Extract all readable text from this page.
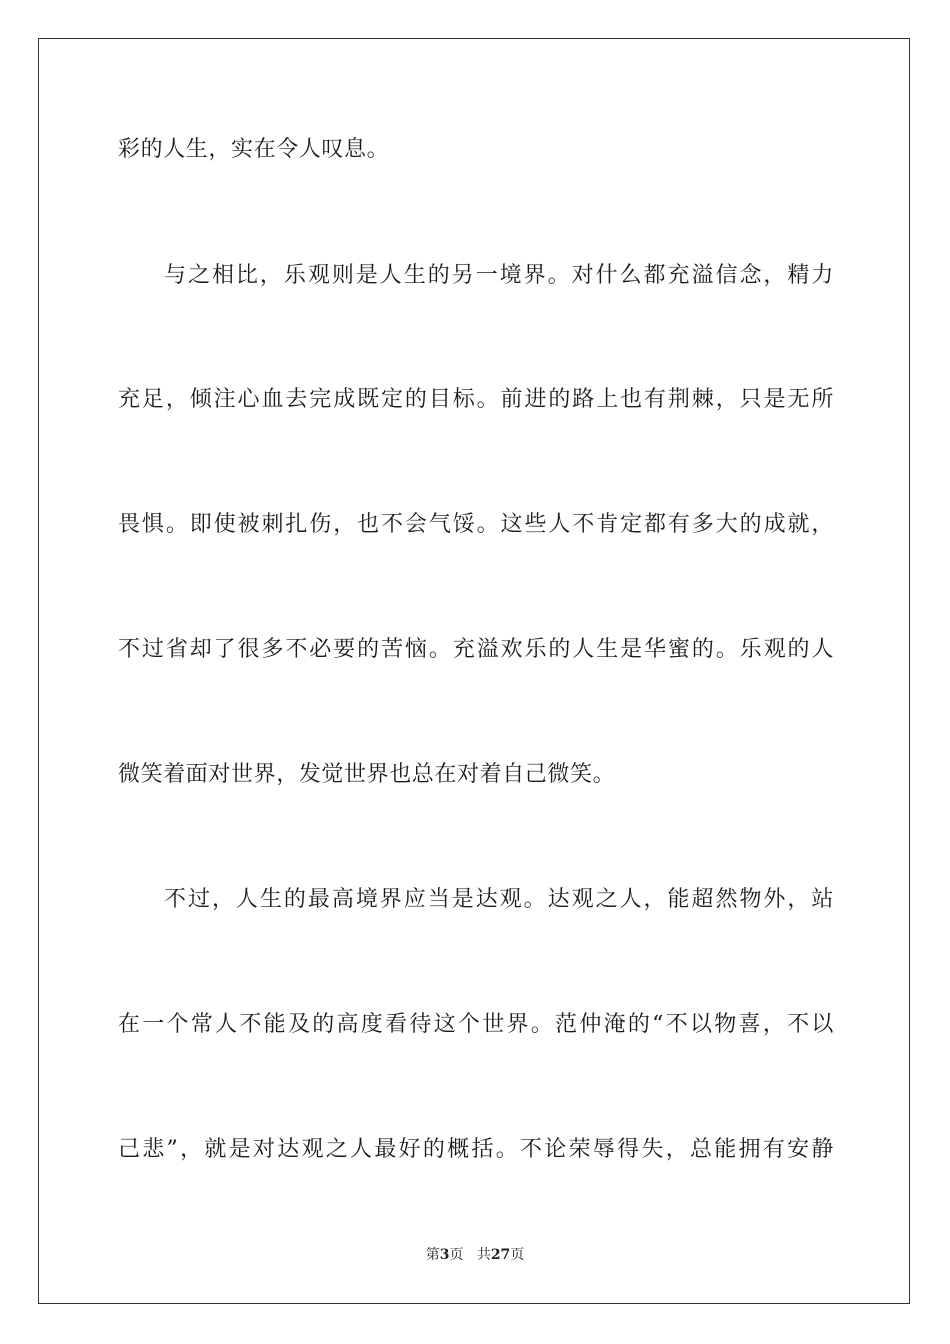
彩的人生，实在令人叹息。
与之相比，乐观则是人生的另一境界。对什么都充溢信念，精力
充足，倾注心血去完成既定的目标。前进的路上也有荆棘，只是无所
畏惧。即使被刺扎伤，也不会气馁。这些人不肯定都有多大的成就，
不过省却了很多不必要的苦恼。充溢欢乐的人生是华蜜的。乐观的人
微笑着面对世界，发觉世界也总在对着自己微笑。
不过，人生的最高境界应当是达观。达观之人，能超然物外，站
在一个常人不能及的高度看待这个世界。范仲淹的“不以物喜，不以
己悲”，就是对达观之人最好的概括。不论荣辱得失，总能拥有安静
第3页 共27页
